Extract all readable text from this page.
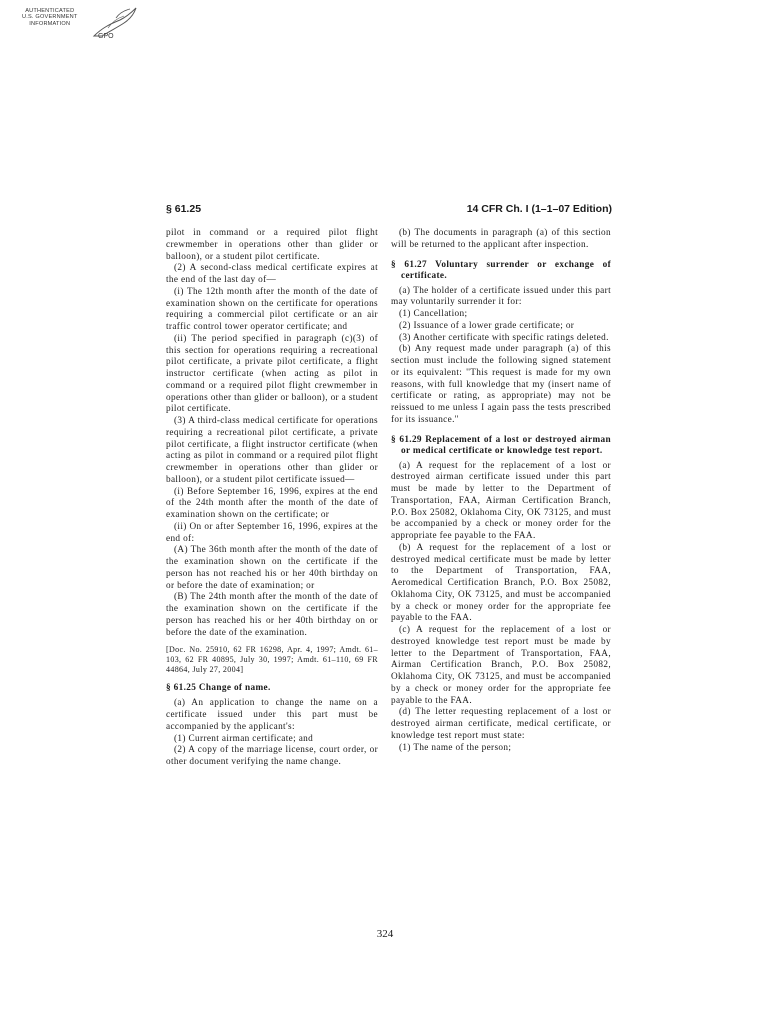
AUTHENTICATED
U.S. GOVERNMENT
INFORMATION
GPO
§ 61.25	14 CFR Ch. I (1–1–07 Edition)

pilot in command or a required pilot flight crewmember in operations other than glider or balloon), or a student pilot certificate.

(2) A second-class medical certificate expires at the end of the last day of—

(i) The 12th month after the month of the date of examination shown on the certificate for operations requiring a commercial pilot certificate or an air traffic control tower operator certificate; and

(ii) The period specified in paragraph (c)(3) of this section for operations requiring a recreational pilot certificate, a private pilot certificate, a flight instructor certificate (when acting as pilot in command or a required pilot flight crewmember in operations other than glider or balloon), or a student pilot certificate.

(3) A third-class medical certificate for operations requiring a recreational pilot certificate, a private pilot certificate, a flight instructor certificate (when acting as pilot in command or a required pilot flight crewmember in operations other than glider or balloon), or a student pilot certificate issued—

(i) Before September 16, 1996, expires at the end of the 24th month after the month of the date of examination shown on the certificate; or

(ii) On or after September 16, 1996, expires at the end of:

(A) The 36th month after the month of the date of the examination shown on the certificate if the person has not reached his or her 40th birthday on or before the date of examination; or

(B) The 24th month after the month of the date of the examination shown on the certificate if the person has reached his or her 40th birthday on or before the date of the examination.

[Doc. No. 25910, 62 FR 16298, Apr. 4, 1997; Amdt. 61–103, 62 FR 40895, July 30, 1997; Amdt. 61–110, 69 FR 44864, July 27, 2004]

§ 61.25 Change of name.

(a) An application to change the name on a certificate issued under this part must be accompanied by the applicant's:

(1) Current airman certificate; and

(2) A copy of the marriage license, court order, or other document verifying the name change.

(b) The documents in paragraph (a) of this section will be returned to the applicant after inspection.

§ 61.27 Voluntary surrender or exchange of certificate.

(a) The holder of a certificate issued under this part may voluntarily surrender it for:

(1) Cancellation;

(2) Issuance of a lower grade certificate; or

(3) Another certificate with specific ratings deleted.

(b) Any request made under paragraph (a) of this section must include the following signed statement or its equivalent: ''This request is made for my own reasons, with full knowledge that my (insert name of certificate or rating, as appropriate) may not be reissued to me unless I again pass the tests prescribed for its issuance.''

§ 61.29 Replacement of a lost or destroyed airman or medical certificate or knowledge test report.

(a) A request for the replacement of a lost or destroyed airman certificate issued under this part must be made by letter to the Department of Transportation, FAA, Airman Certification Branch, P.O. Box 25082, Oklahoma City, OK 73125, and must be accompanied by a check or money order for the appropriate fee payable to the FAA.

(b) A request for the replacement of a lost or destroyed medical certificate must be made by letter to the Department of Transportation, FAA, Aeromedical Certification Branch, P.O. Box 25082, Oklahoma City, OK 73125, and must be accompanied by a check or money order for the appropriate fee payable to the FAA.

(c) A request for the replacement of a lost or destroyed knowledge test report must be made by letter to the Department of Transportation, FAA, Airman Certification Branch, P.O. Box 25082, Oklahoma City, OK 73125, and must be accompanied by a check or money order for the appropriate fee payable to the FAA.

(d) The letter requesting replacement of a lost or destroyed airman certificate, medical certificate, or knowledge test report must state:

(1) The name of the person;

324
